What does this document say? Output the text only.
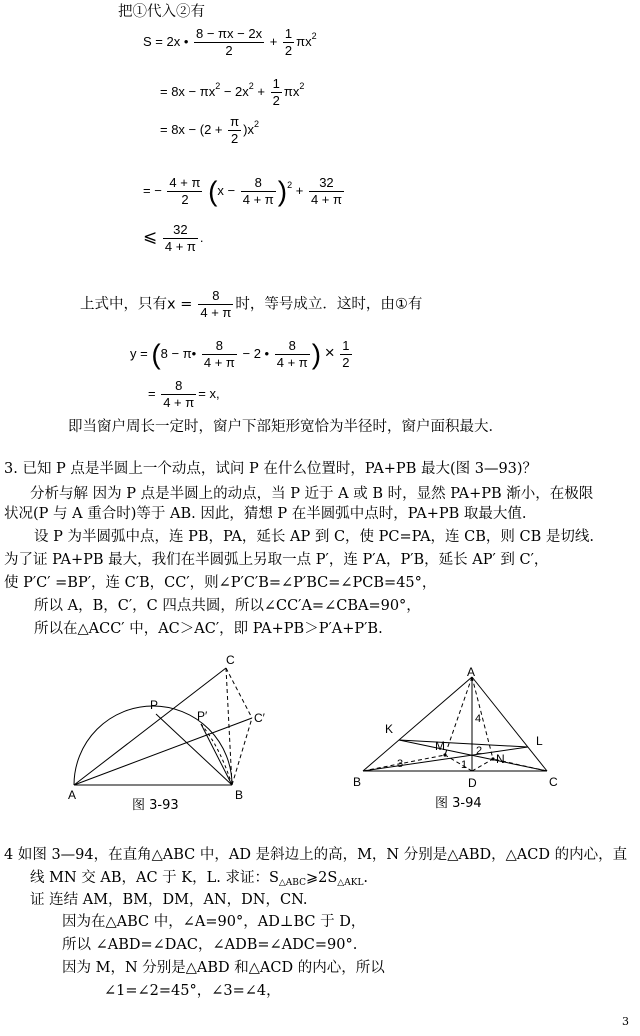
把①代入②有
S = 2x • $\frac{8 - \pi x - 2x}{2} + \frac{1}{2} \pi x^2$
= $8x - \pi x^2 - 2x^2 + \frac{1}{2} \pi x^2$
= $8x - (2 + \frac{\pi}{2} )x^2$
= − $\frac{4 + \pi}{2} (x - \frac{8}{4 + \pi} )^2 + \frac{32}{4 + \pi}$
⩽ $\frac{32}{4 + \pi}$ .
上式中，只有$x = \frac{8}{4 + \pi}$ 时，等号成立．这时，由①有
y = (8 − π• $\frac{8}{4 + \pi} - 2$ • $\frac{8}{4 + \pi}$ ) × $\frac{1}{2}$
= $\frac{8}{4 + \pi} = x$,
即当窗户周长一定时，窗户下部矩形宽恰为半径时，窗户面积最大．
3. 已知 P 点是半圆上一个动点，试问 P 在什么位置时，PA+PB 最大(图 3—93)？
分析与解 因为 P 点是半圆上的动点，当 P 近于 A 或 B 时，显然 PA+PB 渐小，在极限
状况(P 与 A 重合时)等于 AB. 因此，猜想 P 在半圆弧中点时，PA+PB 取最大值.
设 P 为半圆弧中点，连 PB，PA，延长 AP 到 C，使 PC=PA，连 CB，则 CB 是切线.
为了证 PA+PB 最大，我们在半圆弧上另取一点 P′，连 P′A，P′B，延长 AP′ 到 C′，
使 P′C′ =BP′，连 C′B，CC′，则∠P′C′B=∠P′BC=∠PCB=45°，
所以 A，B，C′，C 四点共圆，所以∠CC′A=∠CBA=90°，
所以在△ACC′ 中，AC＞AC′，即 PA+PB＞P′A+P′B.
C
P
P′	C′
A	B
图 3-93
A
B	C
D
K
L
M
N
1
2
3
4
图 3-94
4 如图 3—94，在直角△ABC 中，AD 是斜边上的高，M，N 分别是△ABD，△ACD 的内心，直
线 MN 交 AB，AC 于 K，L. 求证：$S_{\triangle ABC}⩾2S_{\triangle AKL}$.
证 连结 AM，BM，DM，AN，DN，CN.
因为在△ABC 中，∠A=90°，AD⊥BC 于 D，
所以 ∠ABD=∠DAC，∠ADB=∠ADC=90°.
因为 M，N 分别是△ABD 和△ACD 的内心，所以
∠1=∠2=45°，∠3=∠4，
3
